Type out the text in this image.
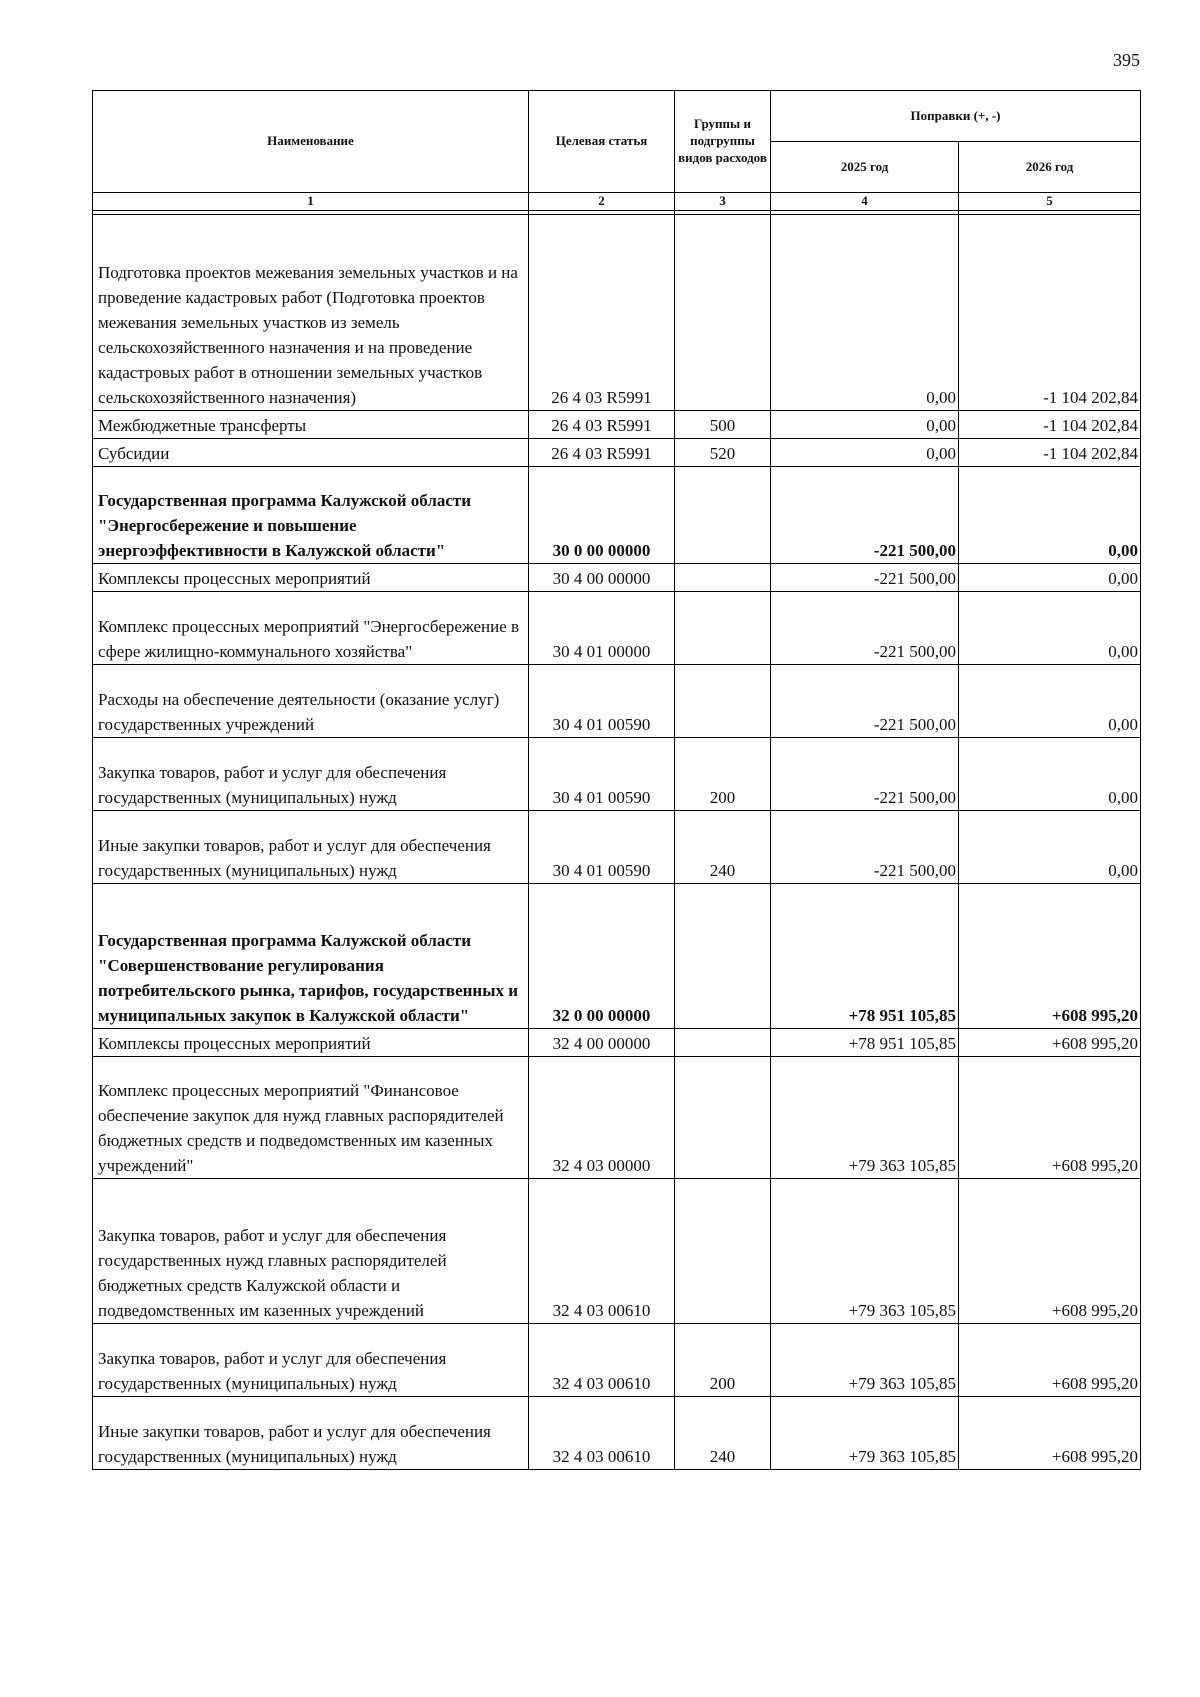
395
Наименование	Целевая статья	Группы и подгруппы видов расходов	Поправки (+, -)	
			2025 год	2026 год
1	2	3	4	5

Подготовка проектов межевания земельных участков и на проведение кадастровых работ (Подготовка проектов межевания земельных участков из земель сельскохозяйственного назначения и на проведение кадастровых работ в отношении земельных участков сельскохозяйственного назначения)	26 4 03 R5991		0,00	-1 104 202,84
Межбюджетные трансферты	26 4 03 R5991	500	0,00	-1 104 202,84
Субсидии	26 4 03 R5991	520	0,00	-1 104 202,84
Государственная программа Калужской области "Энергосбережение и повышение энергоэффективности в Калужской области"	30 0 00 00000		-221 500,00	0,00
Комплексы процессных мероприятий	30 4 00 00000		-221 500,00	0,00
Комплекс процессных мероприятий "Энергосбережение в сфере жилищно-коммунального хозяйства"	30 4 01 00000		-221 500,00	0,00
Расходы на обеспечение деятельности (оказание услуг) государственных учреждений	30 4 01 00590		-221 500,00	0,00
Закупка товаров, работ и услуг для обеспечения государственных (муниципальных) нужд	30 4 01 00590	200	-221 500,00	0,00
Иные закупки товаров, работ и услуг для обеспечения государственных (муниципальных) нужд	30 4 01 00590	240	-221 500,00	0,00
Государственная программа Калужской области "Совершенствование регулирования потребительского рынка, тарифов, государственных и муниципальных закупок в Калужской области"	32 0 00 00000		+78 951 105,85	+608 995,20
Комплексы процессных мероприятий	32 4 00 00000		+78 951 105,85	+608 995,20
Комплекс процессных мероприятий "Финансовое обеспечение закупок для нужд главных распорядителей бюджетных средств и подведомственных им казенных учреждений"	32 4 03 00000		+79 363 105,85	+608 995,20
Закупка товаров, работ и услуг для обеспечения государственных нужд главных распорядителей бюджетных средств Калужской области и подведомственных им казенных учреждений	32 4 03 00610		+79 363 105,85	+608 995,20
Закупка товаров, работ и услуг для обеспечения государственных (муниципальных) нужд	32 4 03 00610	200	+79 363 105,85	+608 995,20
Иные закупки товаров, работ и услуг для обеспечения государственных (муниципальных) нужд	32 4 03 00610	240	+79 363 105,85	+608 995,20
